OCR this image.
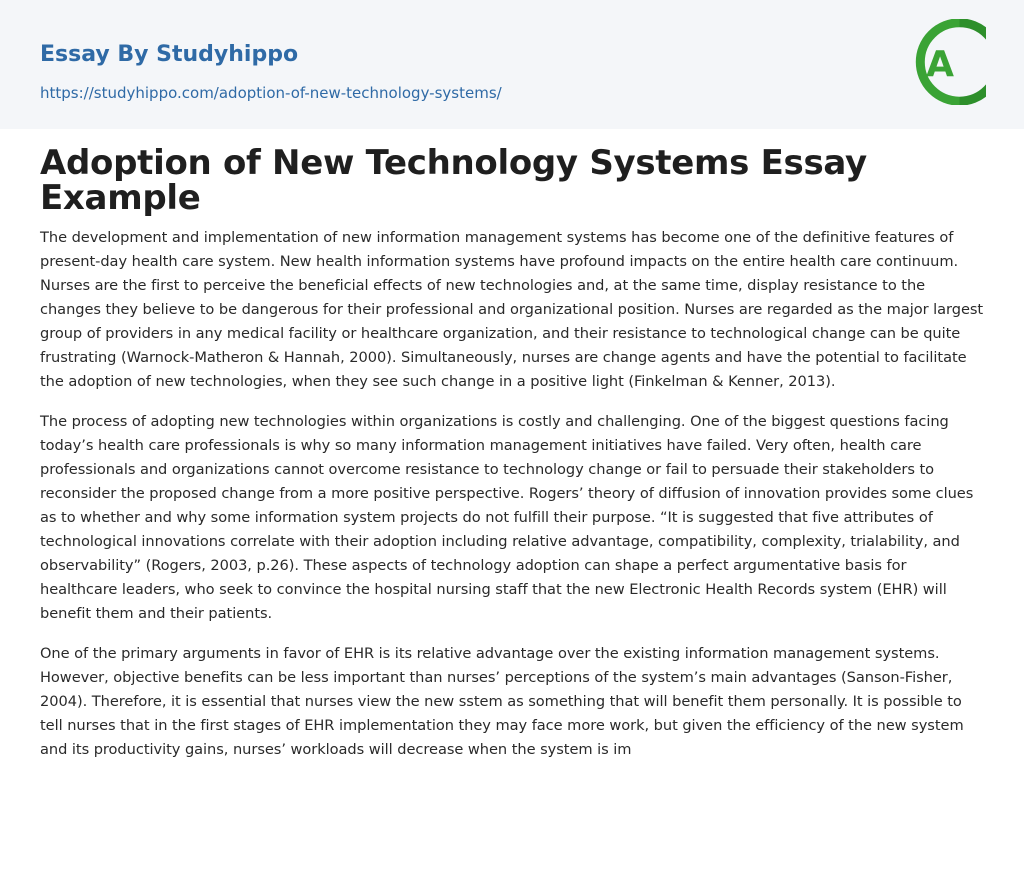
Essay By Studyhippo
https://studyhippo.com/adoption-of-new-technology-systems/
A
Adoption of New Technology Systems Essay Example

The development and implementation of new information management systems has become one of the definitive features of present-day health care system. New health information systems have profound impacts on the entire health care continuum. Nurses are the first to perceive the beneficial effects of new technologies and, at the same time, display resistance to the changes they believe to be dangerous for their professional and organizational position. Nurses are regarded as the major largest group of providers in any medical facility or healthcare organization, and their resistance to technological change can be quite frustrating (Warnock-Matheron & Hannah, 2000). Simultaneously, nurses are change agents and have the potential to facilitate the adoption of new technologies, when they see such change in a positive light (Finkelman & Kenner, 2013).

The process of adopting new technologies within organizations is costly and challenging. One of the biggest questions facing today’s health care professionals is why so many information management initiatives have failed. Very often, health care professionals and organizations cannot overcome resistance to technology change or fail to persuade their stakeholders to reconsider the proposed change from a more positive perspective. Rogers’ theory of diffusion of innovation provides some clues as to whether and why some information system projects do not fulfill their purpose. “It is suggested that five attributes of technological innovations correlate with their adoption including relative advantage, compatibility, complexity, trialability, and observability” (Rogers, 2003, p.26). These aspects of technology adoption can shape a perfect argumentative basis for healthcare leaders, who seek to convince the hospital nursing staff that the new Electronic Health Records system (EHR) will benefit them and their patients.

One of the primary arguments in favor of EHR is its relative advantage over the existing information management systems. However, objective benefits can be less important than nurses’ perceptions of the system’s main advantages (Sanson-Fisher, 2004). Therefore, it is essential that nurses view the new sstem as something that will benefit them personally. It is possible to tell nurses that in the first stages of EHR implementation they may face more work, but given the efficiency of the new system and its productivity gains, nurses’ workloads will decrease when the system is im
